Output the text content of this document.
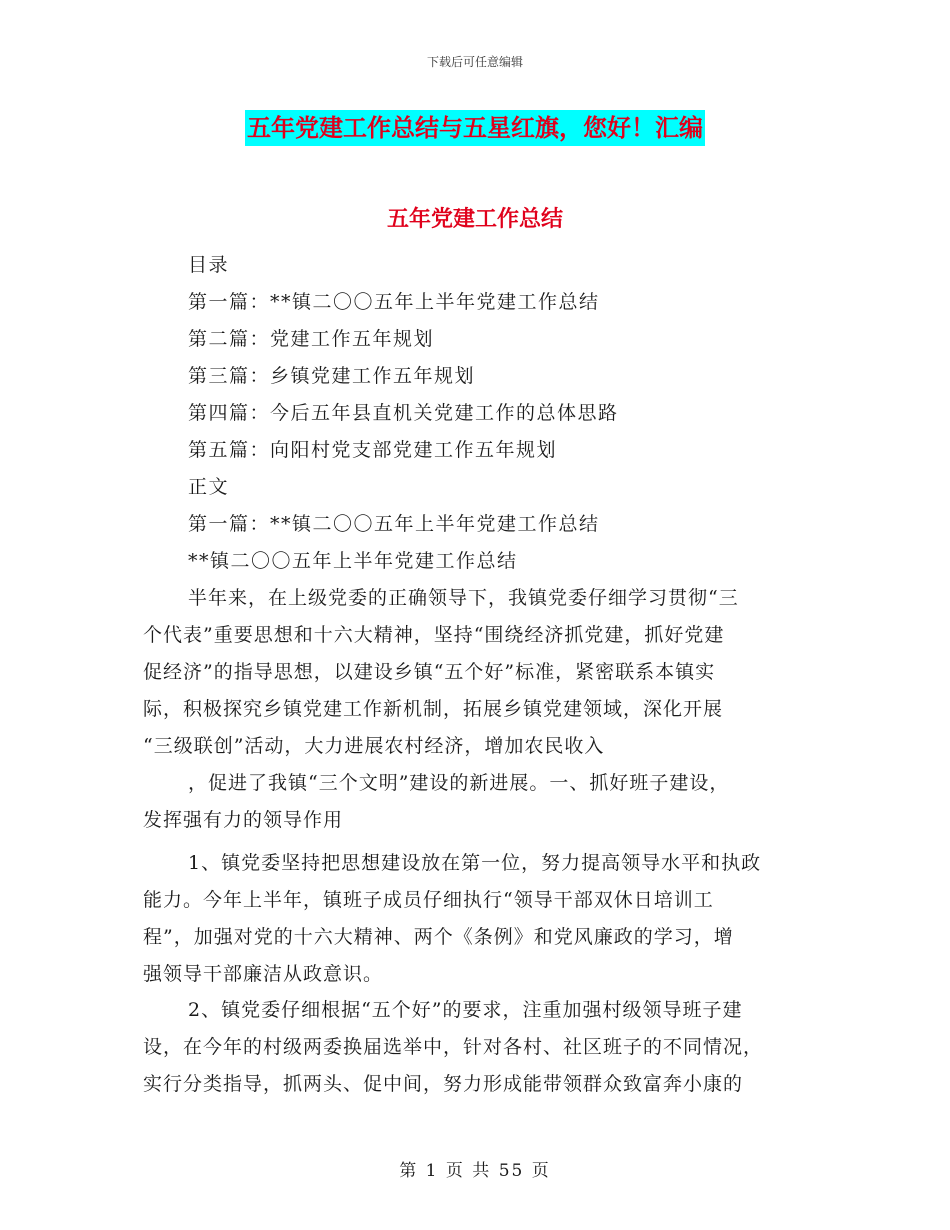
下载后可任意编辑
五年党建工作总结与五星红旗，您好！汇编
五年党建工作总结
目录
第一篇：**镇二〇〇五年上半年党建工作总结
第二篇：党建工作五年规划
第三篇：乡镇党建工作五年规划
第四篇：今后五年县直机关党建工作的总体思路
第五篇：向阳村党支部党建工作五年规划
正文
第一篇：**镇二〇〇五年上半年党建工作总结
**镇二〇〇五年上半年党建工作总结
半年来，在上级党委的正确领导下，我镇党委仔细学习贯彻“三
个代表”重要思想和十六大精神，坚持“围绕经济抓党建，抓好党建
促经济”的指导思想，以建设乡镇“五个好”标准，紧密联系本镇实
际，积极探究乡镇党建工作新机制，拓展乡镇党建领域，深化开展
“三级联创”活动，大力进展农村经济，增加农民收入
，促进了我镇“三个文明”建设的新进展。一、抓好班子建设，
发挥强有力的领导作用
1、镇党委坚持把思想建设放在第一位，努力提高领导水平和执政
能力。今年上半年，镇班子成员仔细执行“领导干部双休日培训工
程”，加强对党的十六大精神、两个《条例》和党风廉政的学习，增
强领导干部廉洁从政意识。
2、镇党委仔细根据“五个好”的要求，注重加强村级领导班子建
设，在今年的村级两委换届选举中，针对各村、社区班子的不同情况，
实行分类指导，抓两头、促中间，努力形成能带领群众致富奔小康的
第 1 页 共 55 页
